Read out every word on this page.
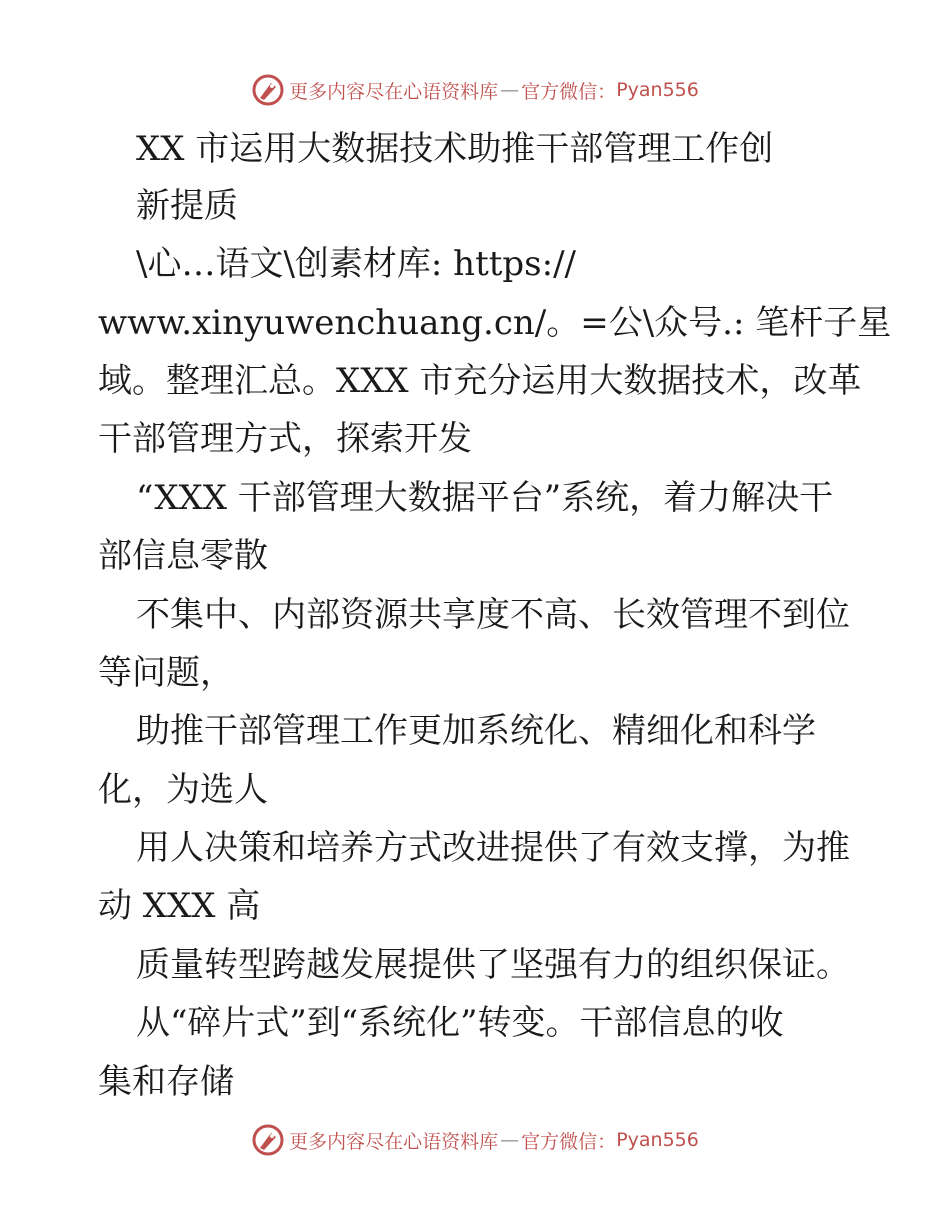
更多内容尽在心语资料库 — 官方微信： Pyan556
XX 市运用大数据技术助推干部管理工作创
新提质
\心…语文\创素材库: https://
www.xinyuwenchuang.cn/。=公\众号.: 笔杆子星
域。整理汇总。XXX 市充分运用大数据技术，改革
干部管理方式，探索开发
“XXX 干部管理大数据平台”系统，着力解决干
部信息零散
不集中、内部资源共享度不高、长效管理不到位
等问题，
助推干部管理工作更加系统化、精细化和科学
化，为选人
用人决策和培养方式改进提供了有效支撑，为推
动 XXX 高
质量转型跨越发展提供了坚强有力的组织保证。
从“碎片式”到“系统化”转变。干部信息的收
集和存储
更多内容尽在心语资料库 — 官方微信： Pyan556
